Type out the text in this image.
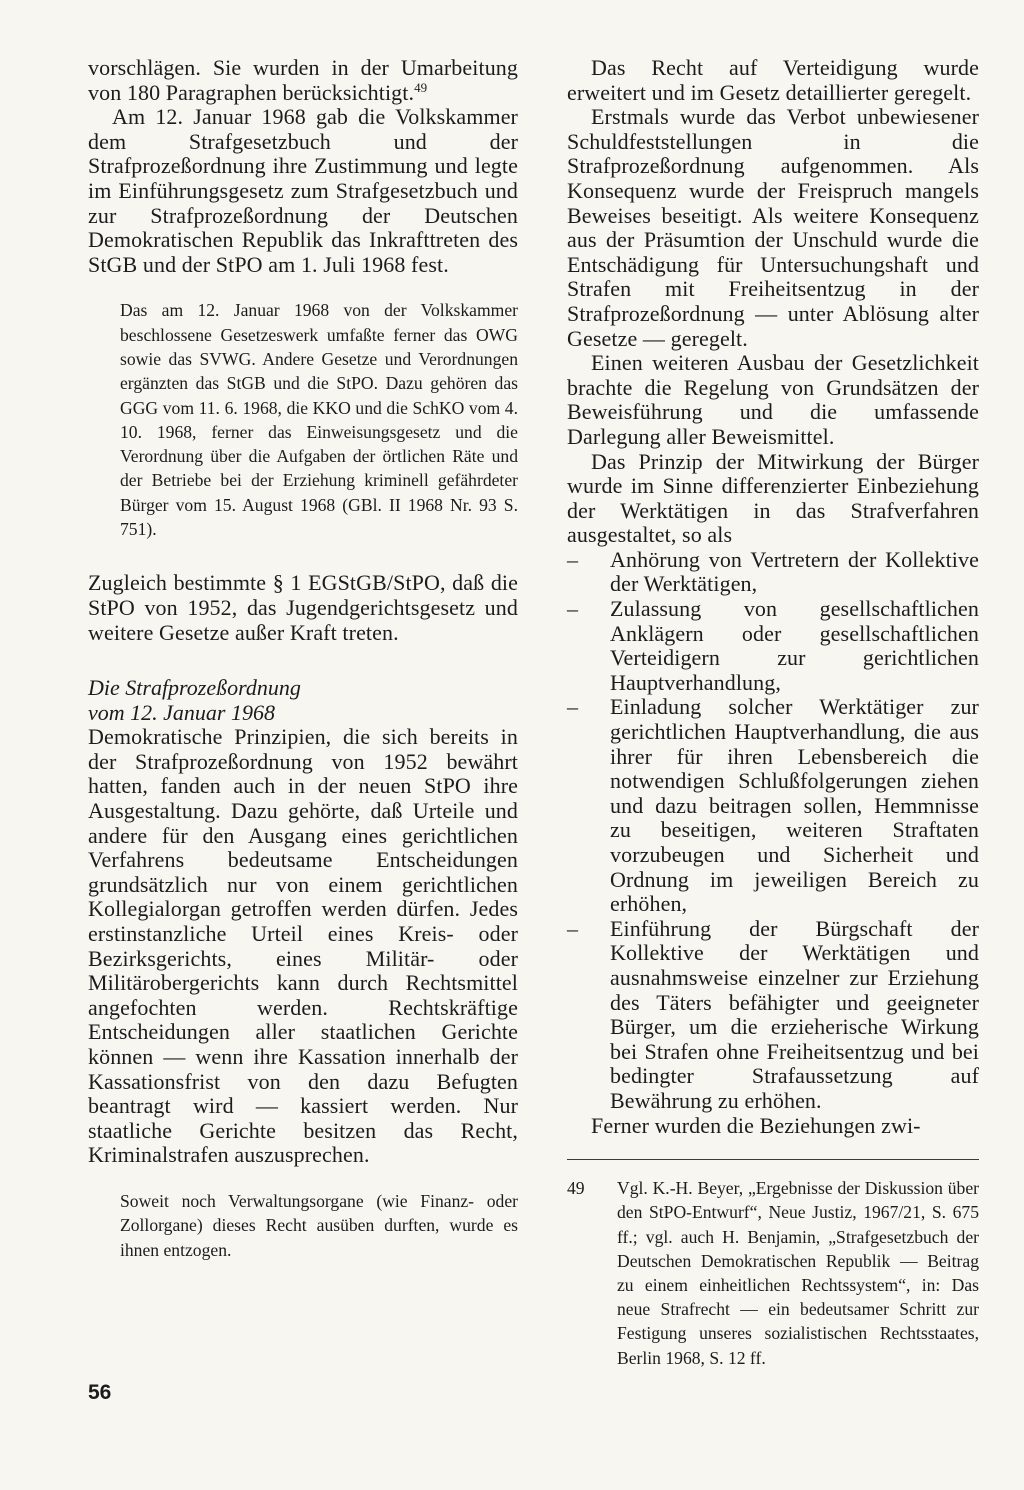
vorschlägen. Sie wurden in der Umarbeitung von 180 Paragraphen berücksichtigt.$^{49}$

Am 12. Januar 1968 gab die Volkskammer dem Strafgesetzbuch und der Strafprozeßordnung ihre Zustimmung und legte im Einführungsgesetz zum Strafgesetzbuch und zur Strafprozeßordnung der Deutschen Demokratischen Republik das Inkrafttreten des StGB und der StPO am 1. Juli 1968 fest.

Das am 12. Januar 1968 von der Volkskammer beschlossene Gesetzeswerk umfaßte ferner das OWG sowie das SVWG. Andere Gesetze und Verordnungen ergänzten das StGB und die StPO. Dazu gehören das GGG vom 11. 6. 1968, die KKO und die SchKO vom 4. 10. 1968, ferner das Einweisungsgesetz und die Verordnung über die Aufgaben der örtlichen Räte und der Betriebe bei der Erziehung kriminell gefährdeter Bürger vom 15. August 1968 (GBl. II 1968 Nr. 93 S. 751).

Zugleich bestimmte § 1 EGStGB/StPO, daß die StPO von 1952, das Jugendgerichtsgesetz und weitere Gesetze außer Kraft treten.

Die Strafprozeßordnung

vom 12. Januar 1968

Demokratische Prinzipien, die sich bereits in der Strafprozeßordnung von 1952 bewährt hatten, fanden auch in der neuen StPO ihre Ausgestaltung. Dazu gehörte, daß Urteile und andere für den Ausgang eines gerichtlichen Verfahrens bedeutsame Entscheidungen grundsätzlich nur von einem gerichtlichen Kollegialorgan getroffen werden dürfen. Jedes erstinstanzliche Urteil eines Kreis- oder Bezirksgerichts, eines Militär- oder Militärobergerichts kann durch Rechtsmittel angefochten werden. Rechtskräftige Entscheidungen aller staatlichen Gerichte können — wenn ihre Kassation innerhalb der Kassationsfrist von den dazu Befugten beantragt wird — kassiert werden. Nur staatliche Gerichte besitzen das Recht, Kriminalstrafen auszusprechen.

Soweit noch Verwaltungsorgane (wie Finanz- oder Zollorgane) dieses Recht ausüben durften, wurde es ihnen entzogen.

Das Recht auf Verteidigung wurde erweitert und im Gesetz detaillierter geregelt.

Erstmals wurde das Verbot unbewiesener Schuldfeststellungen in die Strafprozeßordnung aufgenommen. Als Konsequenz wurde der Freispruch mangels Beweises beseitigt. Als weitere Konsequenz aus der Präsumtion der Unschuld wurde die Entschädigung für Untersuchungshaft und Strafen mit Freiheitsentzug in der Strafprozeßordnung — unter Ablösung alter Gesetze — geregelt.

Einen weiteren Ausbau der Gesetzlichkeit brachte die Regelung von Grundsätzen der Beweisführung und die umfassende Darlegung aller Beweismittel.

Das Prinzip der Mitwirkung der Bürger wurde im Sinne differenzierter Einbeziehung der Werktätigen in das Strafverfahren ausgestaltet, so als

– Anhörung von Vertretern der Kollektive der Werktätigen,
– Zulassung von gesellschaftlichen Anklägern oder gesellschaftlichen Verteidigern zur gerichtlichen Hauptverhandlung,
– Einladung solcher Werktätiger zur gerichtlichen Hauptverhandlung, die aus ihrer für ihren Lebensbereich die notwendigen Schlußfolgerungen ziehen und dazu beitragen sollen, Hemmnisse zu beseitigen, weiteren Straftaten vorzubeugen und Sicherheit und Ordnung im jeweiligen Bereich zu erhöhen,
– Einführung der Bürgschaft der Kollektive der Werktätigen und ausnahmsweise einzelner zur Erziehung des Täters befähigter und geeigneter Bürger, um die erzieherische Wirkung bei Strafen ohne Freiheitsentzug und bei bedingter Strafaussetzung auf Bewährung zu erhöhen.

Ferner wurden die Beziehungen zwi-

49 Vgl. K.-H. Beyer, „Ergebnisse der Diskussion über den StPO-Entwurf“, Neue Justiz, 1967/21, S. 675 ff.; vgl. auch H. Benjamin, „Strafgesetzbuch der Deutschen Demokratischen Republik — Beitrag zu einem einheitlichen Rechtssystem“, in: Das neue Strafrecht — ein bedeutsamer Schritt zur Festigung unseres sozialistischen Rechtsstaates, Berlin 1968, S. 12 ff.

56
